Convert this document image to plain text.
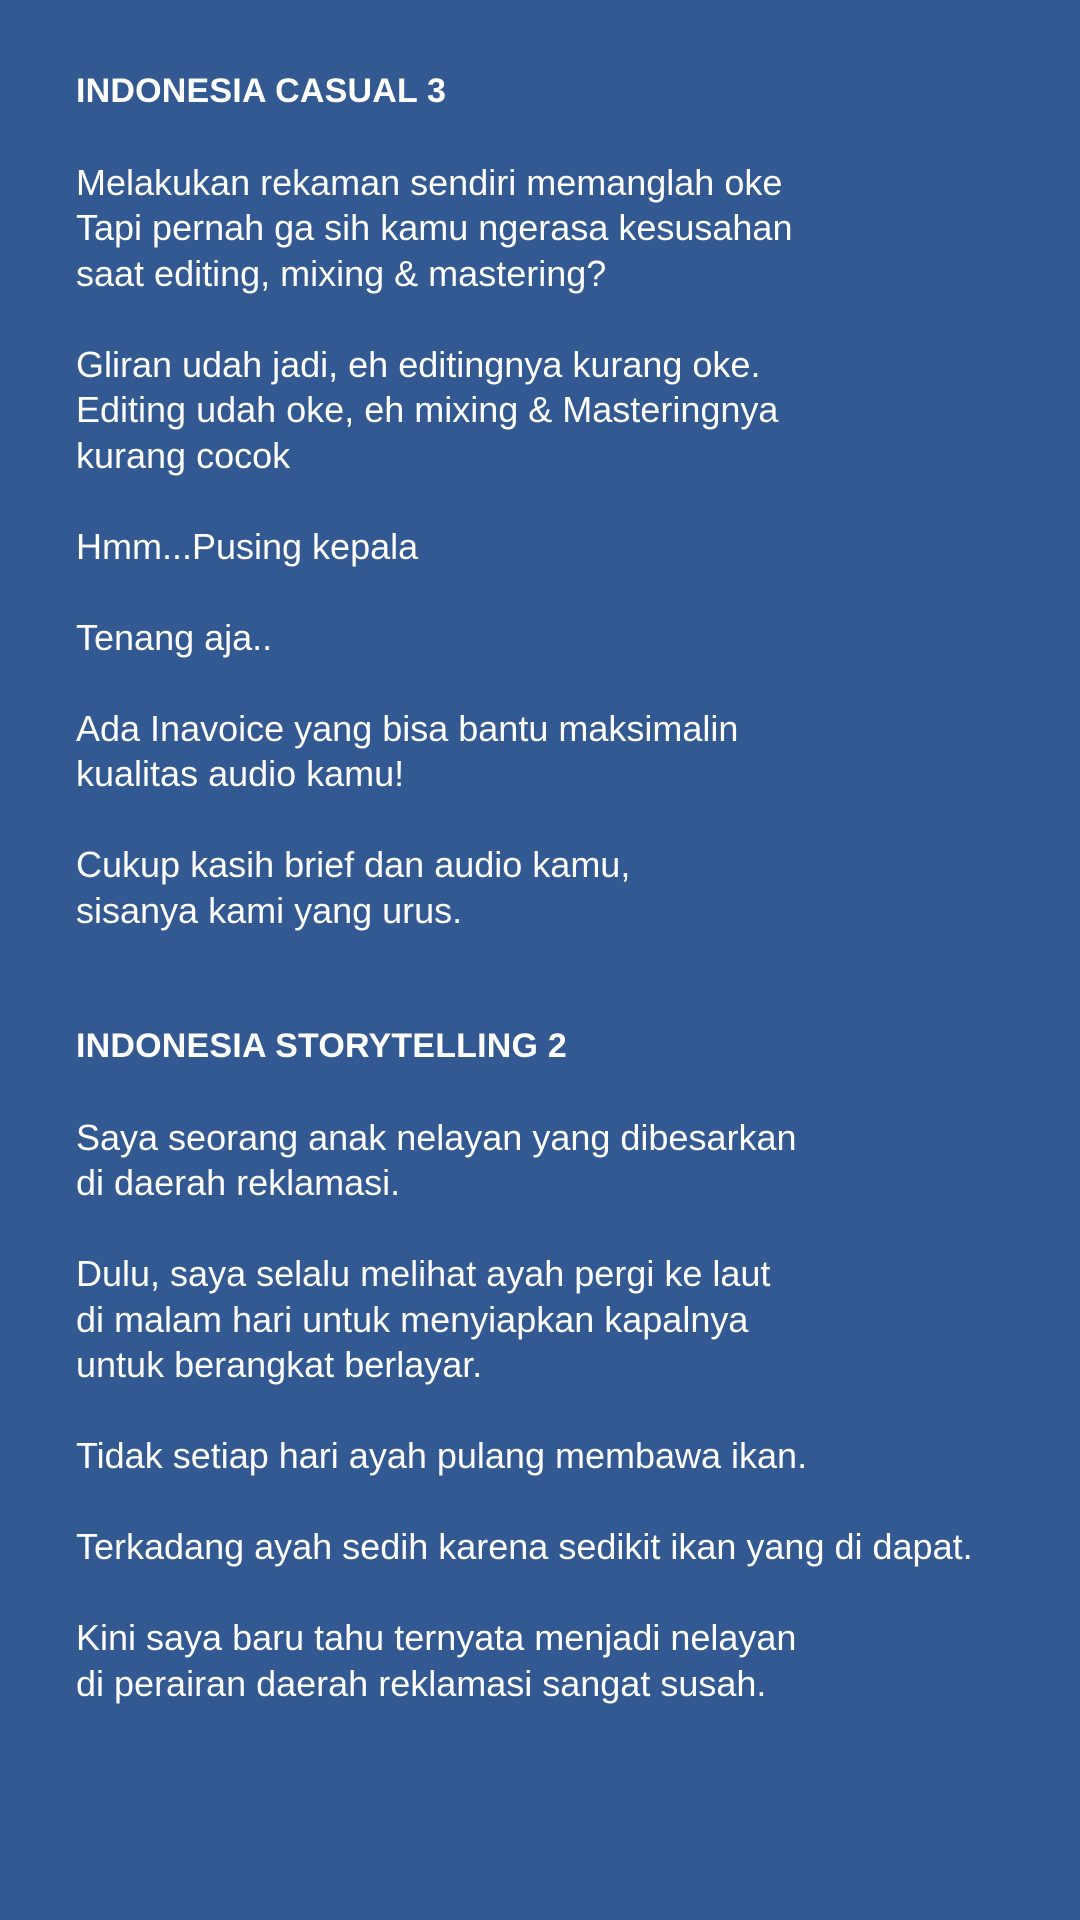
INDONESIA CASUAL 3

Melakukan rekaman sendiri memanglah oke
Tapi pernah ga sih kamu ngerasa kesusahan
saat editing, mixing & mastering?

Gliran udah jadi, eh editingnya kurang oke.
Editing udah oke, eh mixing & Masteringnya
kurang cocok

Hmm...Pusing kepala

Tenang aja..

Ada Inavoice yang bisa bantu maksimalin
kualitas audio kamu!

Cukup kasih brief dan audio kamu,
sisanya kami yang urus.

INDONESIA STORYTELLING 2

Saya seorang anak nelayan yang dibesarkan
di daerah reklamasi.

Dulu, saya selalu melihat ayah pergi ke laut
di malam hari untuk menyiapkan kapalnya
untuk berangkat berlayar.

Tidak setiap hari ayah pulang membawa ikan.

Terkadang ayah sedih karena sedikit ikan yang di dapat.

Kini saya baru tahu ternyata menjadi nelayan
di perairan daerah reklamasi sangat susah.
